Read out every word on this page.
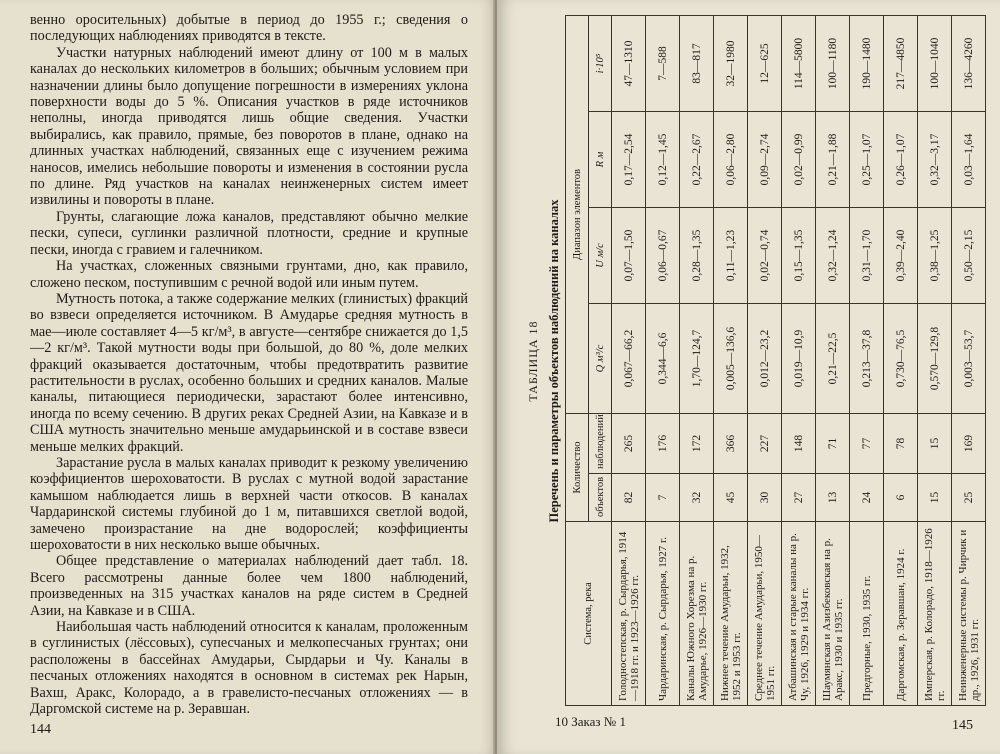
венно оросительных) добытые в период до 1955 г.; сведения о последующих наблюдениях приводятся в тексте.

Участки натурных наблюдений имеют длину от 100 м в малых каналах до нескольких километров в больших; обычным условием при назначении длины было допущение погрешности в измерениях уклона поверхности воды до 5 %. Описания участков в ряде источников неполны, иногда приводятся лишь общие сведения. Участки выбирались, как правило, прямые, без поворотов в плане, однако на длинных участках наблюдений, связанных еще с изучением режима наносов, имелись небольшие повороты и изменения в состоянии русла по длине. Ряд участков на каналах неинженерных систем имеет извилины и повороты в плане.

Грунты, слагающие ложа каналов, представляют обычно мелкие пески, супеси, суглинки различной плотности, средние и крупные пески, иногда с гравием и галечником.

На участках, сложенных связными грунтами, дно, как правило, сложено песком, поступившим с речной водой или иным путем.

Мутность потока, а также содержание мелких (глинистых) фракций во взвеси определяется источником. В Амударье средняя мутность в мае—июле составляет 4—5 кг/м³, в августе—сентябре снижается до 1,5—2 кг/м³. Такой мутности воды при большой, до 80 %, доле мелких фракций оказывается достаточным, чтобы предотвратить развитие растительности в руслах, особенно больших и средних каналов. Малые каналы, питающиеся периодически, зарастают более интенсивно, иногда по всему сечению. В других реках Средней Азии, на Кавказе и в США мутность значительно меньше амударьинской и в составе взвеси меньше мелких фракций.

Зарастание русла в малых каналах приводит к резкому увеличению коэффициентов шероховатости. В руслах с мутной водой зарастание камышом наблюдается лишь в верхней части откосов. В каналах Чардаринской системы глубиной до 1 м, питавшихся светлой водой, замечено произрастание на дне водорослей; коэффициенты шероховатости в них несколько выше обычных.

Общее представление о материалах наблюдений дает табл. 18. Всего рассмотрены данные более чем 1800 наблюдений, произведенных на 315 участках каналов на ряде систем в Средней Азии, на Кавказе и в США.

Наибольшая часть наблюдений относится к каналам, проложенным в суглинистых (лёссовых), супесчаных и мелкопесчаных грунтах; они расположены в бассейнах Амударьи, Сырдарьи и Чу. Каналы в песчаных отложениях находятся в основном в системах рек Нарын, Вахш, Аракс, Колорадо, а в гравелисто-песчаных отложениях — в Даргомской системе на р. Зеравшан.

144
10 Заказ № 1	145
ТАБЛИЦА 18 Перечень и параметры объектов наблюдений на каналах
Система, река	Количество		Диапазон элементов			
	объектов	наблюдений	Q м³/с	U м/с	R м	i·10⁵

Голодностепская, р. Сырдарья, 1914—1918 гг. и 1923—1926 гг.	82	265	0,067—66,2	0,07—1,50	0,17—2,54	47—1310
Чардаринская, р. Сырдарья, 1927 г.	7	176	0,344—6,6	0,06—0,67	0,12—1,45	7—588
Каналы Южного Хорезма на р. Амударье, 1926—1930 гг.	32	172	1,70—124,7	0,28—1,35	0,22—2,67	83—817
Нижнее течение Амударьи, 1932, 1952 и 1953 гг.	45	366	0,005—136,6	0,11—1,23	0,06—2,80	32—1980
Среднее течение Амударьи, 1950—1951 гг.	30	227	0,012—23,2	0,02—0,74	0,09—2,74	12—625
Атбашинская и старые каналы на р. Чу, 1926, 1929 и 1934 гг.	27	148	0,019—10,9	0,15—1,35	0,02—0,99	114—5800
Шаумянская и Азизбековская на р. Аракс, 1930 и 1935 гг.	13	71	0,21—22,5	0,32—1,24	0,21—1,88	100—1180
Предгорные, 1930, 1935 гг.	24	77	0,213—37,8	0,31—1,70	0,25—1,07	190—1480
Даргомская, р. Зеравшан, 1924 г.	6	78	0,730—76,5	0,39—2,40	0,26—1,07	217—4850
Имперская, р. Колорадо, 1918—1926 гг.	15	15	0,570—129,8	0,38—1,25	0,32—3,17	100—1040
Неинженерные системы р. Чирчик и др., 1926, 1931 гг.	25	169	0,003—53,7	0,50—2,15	0,03—1,64	136—4260
